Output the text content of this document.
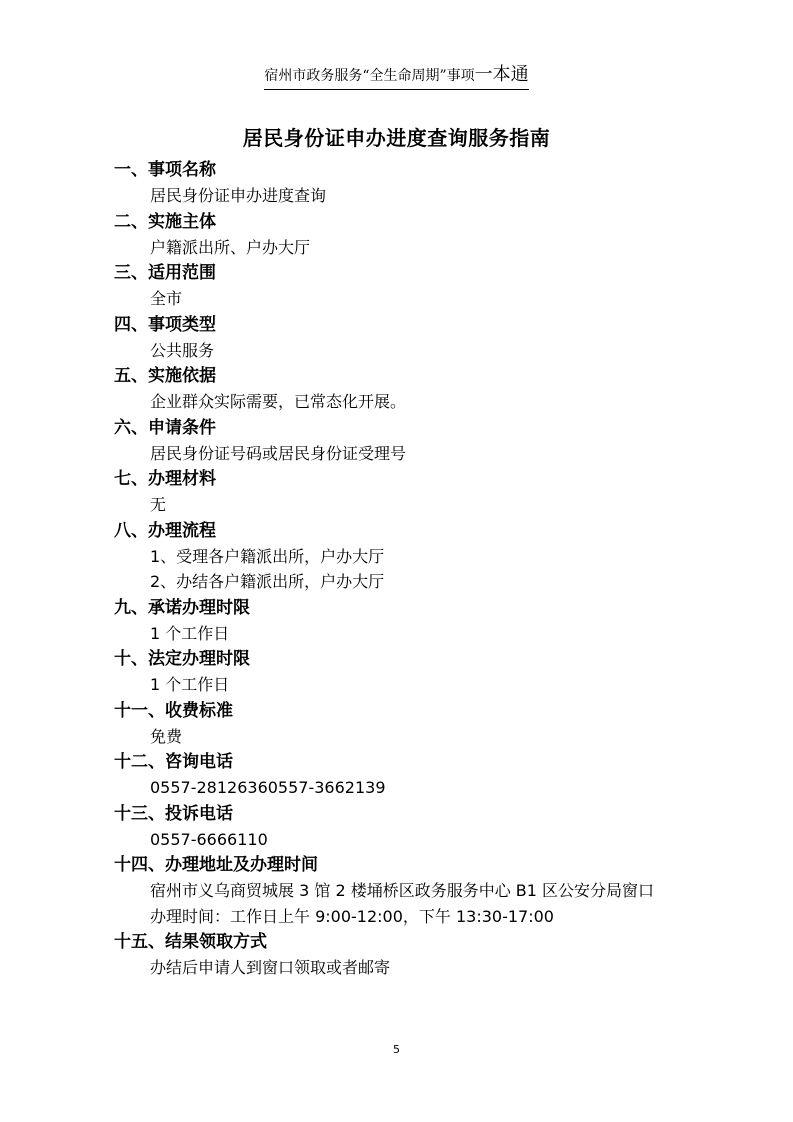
宿州市政务服务“全生命周期”事项一本通
居民身份证申办进度查询服务指南
一、事项名称
居民身份证申办进度查询
二、实施主体
户籍派出所、户办大厅
三、适用范围
全市
四、事项类型
公共服务
五、实施依据
企业群众实际需要，已常态化开展。
六、申请条件
居民身份证号码或居民身份证受理号
七、办理材料
无
八、办理流程
1、受理各户籍派出所，户办大厅
2、办结各户籍派出所，户办大厅
九、承诺办理时限
1 个工作日
十、法定办理时限
1 个工作日
十一、收费标准
免费
十二、咨询电话
0557-28126360557-3662139
十三、投诉电话
0557-6666110
十四、办理地址及办理时间
宿州市义乌商贸城展 3 馆 2 楼埇桥区政务服务中心 B1 区公安分局窗口
办理时间：工作日上午 9:00-12:00，下午 13:30-17:00
十五、结果领取方式
办结后申请人到窗口领取或者邮寄
5
